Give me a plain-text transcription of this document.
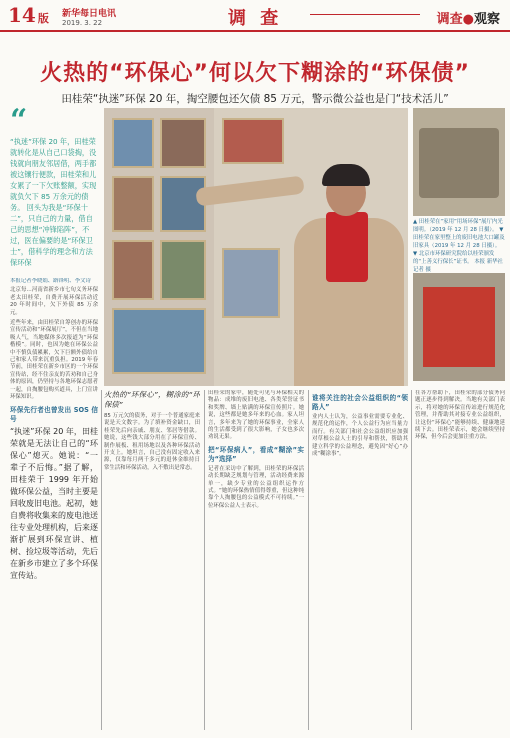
14 版 新华每日电讯
2019. 3. 22	调 查	调查●观察
火热的“环保心”何以欠下糊涂的“环保债”
田桂荣“执迷”环保 20 年，掏空腰包还欠债 85 万元，警示微公益也是门“技术活儿”
“

“执迷”环保 20 年，田桂荣就转化是从自己口袋掏，没钱就向朋友邻居借，两手都被这镶行便款，田桂荣和儿女累了一下欠账整额，实现就负欠下 85 万余元的债务。 回头为我是“环保十二”，只自己的力量，借自己的思想“冲锋陷阵”，不过，医在偏要的是“环保卫士”，借科学的理念和方法保环保

▲ 田桂荣在“家用”用场环保”展厅内光图明。（2019 年 12 月 28 日摄）。 ▼ 田桂荣在家里整上的废旧电池大口罐及旧家具（2019 年 12 月 28 日摄）。 ▼ 北京市环保研究院给以桂荣颁发的“上善义行保长”证书。 本报 新华社记者 摄
本报记者李晓娟、路锋明、李文诗
北京每...河南省新乡市七旬义务环保老太田桂荣，自费开展环保活动近 20 年时间中，欠下外债 85 万余元。

近些年来，由田桂荣自筹创办的环保宣传活动和“环保展厅”，不但在当地吸人气，当地媒体多次报道为“环保楷模”。同时，也因为她在环保公益中不慎负债累累，欠下巨额外债给自己和家人带来沉重负担。2019 年春节前，田桂荣在新乡市区的一个环保宣传站，经不住亲友的苦劝和自己身体的原因，仍坚持与各地环保志愿者一起，自掏腰包购买道具，上门宣讲环保知识。

环保先行者也曾发出 SOS 信号
“执迷”环保 20 年，田桂荣就是无法让自己的“环保心”熄灭。她说：“一辈子不后悔。”据了解，田桂荣于 1999 年开始做环保公益，当时主要是回收废旧电池。起初，她自费将收集来的废电池送往专业处理机构，后来逐渐扩展到环保宣讲、植树、捡垃圾等活动，先后在新乡市建立了多个环保宣传站。
火热的“环保心”，糊涂的“环保债”

85 万元欠的债务，对于一个普通家庭来说是天文数字。为了填补资金缺口，田桂荣先后向亲戚、朋友、邻居等借款。她说，这些钱大部分用在了环保宣传、制作展板、租用场地以及各种环保活动开支上。她坦言，自己没有固定收入来源，仅靠每月两千多元的退休金维持日常生活和环保活动，入不敷出是常态。

田桂荣的家中，随处可见与环保相关的物品：成堆的废旧电池、各类荣誉证书和奖牌、墙上贴满的环保宣传照片。她说，这些都是她多年来的心血。家人坦言，多年来为了她的环保事业，全家人的生活都受到了很大影响，子女也多次劝说无果。

把“环保病人”，看成“糊涂”实为“选择”

记者在采访中了解到，田桂荣的环保活动长期缺乏规划与管理，活动经费来源单一，缺少专业的公益组织运作方式。“她的环保热情值得尊重，但这种纯靠个人掏腰包的公益模式不可持续。”一位环保公益人士表示。

谁将关注的社会公益组织的“领路人”

业内人士认为，公益事业需要专业化、规范化的运作，个人公益行为应当量力而行。有关部门和社会公益组织应加强对草根公益人士的引导和帮扶，帮助其建立科学的公益理念，避免因“好心”办成“糊涂事”。

在各方帮助下，田桂荣的部分债务问题正逐步得到解决。当地有关部门表示，将对她的环保宣传站进行规范化管理，并帮助其对接专业公益组织，让这份“环保心”能够持续、健康地延续下去。田桂荣表示，她会继续坚持环保，但今后会更加注重方法。
